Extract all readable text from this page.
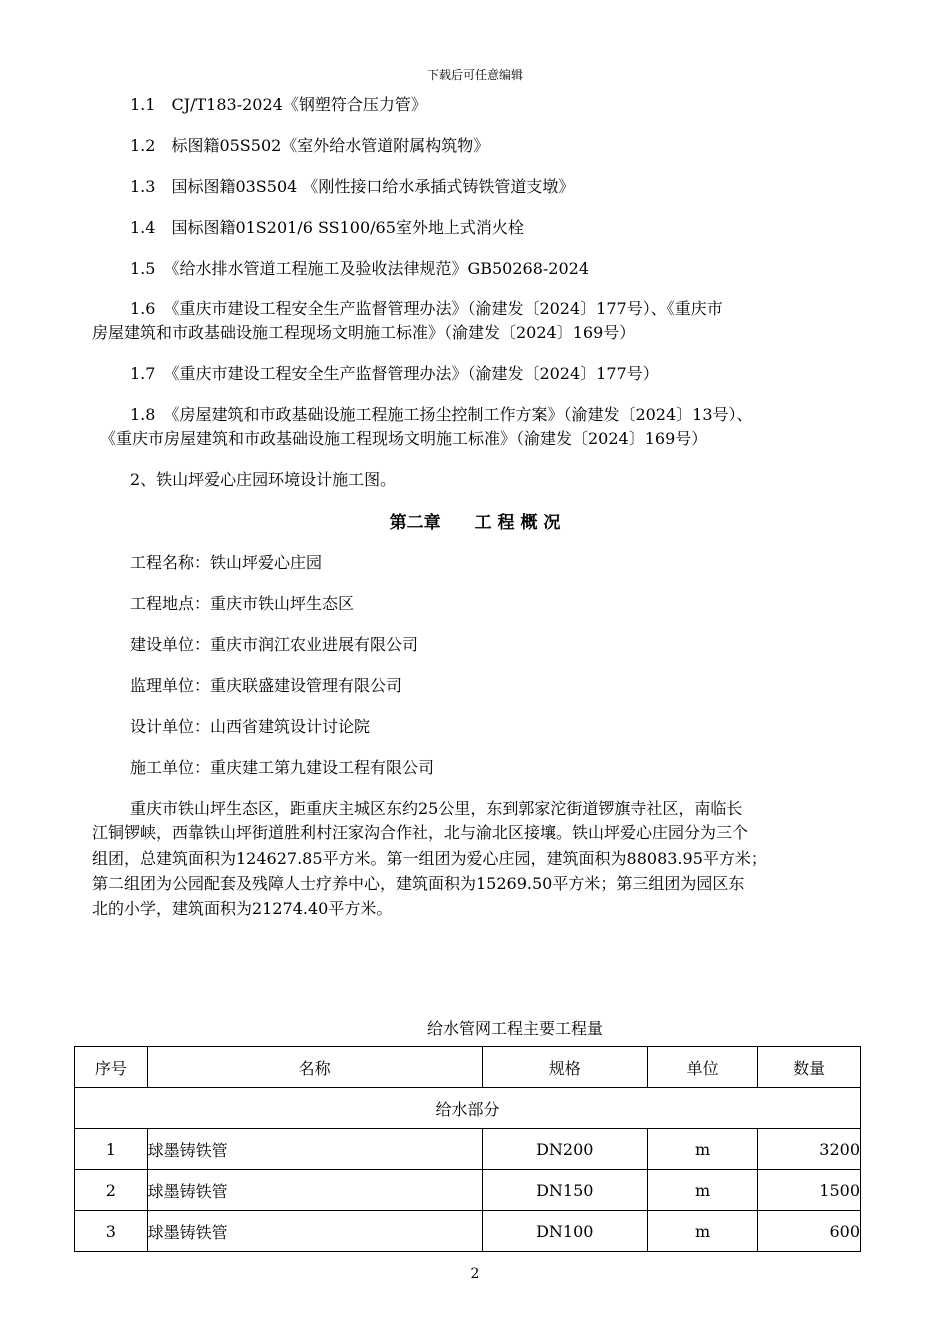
下载后可任意编辑
1.1　CJ/T183-2024《钢塑符合压力管》
1.2　标图籍05S502《室外给水管道附属构筑物》
1.3　国标图籍03S504 《刚性接口给水承插式铸铁管道支墩》
1.4　国标图籍01S201/6 SS100/65室外地上式消火栓
1.5　《给水排水管道工程施工及验收法律规范》GB50268-2024
1.6　《重庆市建设工程安全生产监督管理办法》（渝建发〔2024〕177号）、《重庆市
房屋建筑和市政基础设施工程现场文明施工标准》（渝建发〔2024〕169号）
1.7　《重庆市建设工程安全生产监督管理办法》（渝建发〔2024〕177号）
1.8　《房屋建筑和市政基础设施工程施工扬尘控制工作方案》（渝建发〔2024〕13号）、
《重庆市房屋建筑和市政基础设施工程现场文明施工标准》（渝建发〔2024〕169号）
2、铁山坪爱心庄园环境设计施工图。
第二章　　工 程 概 况
工程名称：铁山坪爱心庄园
工程地点：重庆市铁山坪生态区
建设单位：重庆市润江农业进展有限公司
监理单位：重庆联盛建设管理有限公司
设计单位：山西省建筑设计讨论院
施工单位：重庆建工第九建设工程有限公司
重庆市铁山坪生态区，距重庆主城区东约25公里，东到郭家沱街道锣旗寺社区，南临长
江铜锣峡，西靠铁山坪街道胜利村汪家沟合作社，北与渝北区接壤。铁山坪爱心庄园分为三个
组团，总建筑面积为124627.85平方米。第一组团为爱心庄园，建筑面积为88083.95平方米；
第二组团为公园配套及残障人士疗养中心，建筑面积为15269.50平方米；第三组团为园区东
北的小学，建筑面积为21274.40平方米。
给水管网工程主要工程量
序号	名称	规格	单位	数量
给水部分				
1	球墨铸铁管	DN200	m	3200
2	球墨铸铁管	DN150	m	1500
3	球墨铸铁管	DN100	m	600
2
